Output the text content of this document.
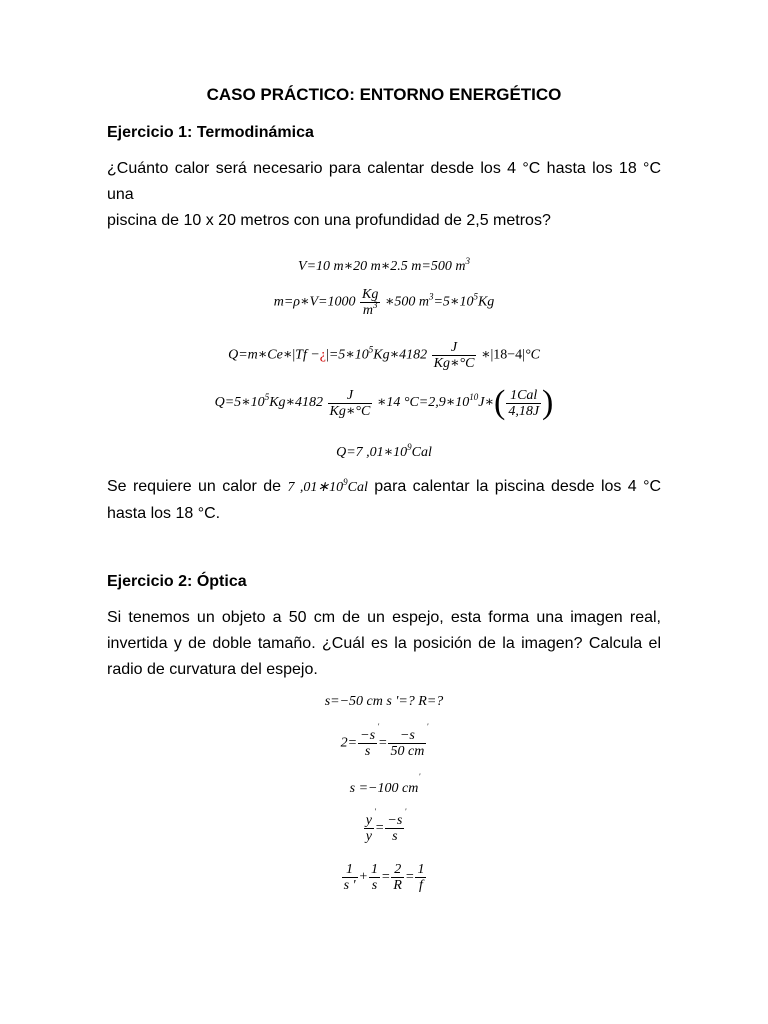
CASO PRÁCTICO: ENTORNO ENERGÉTICO
Ejercicio 1: Termodinámica
¿Cuánto calor será necesario para calentar desde los 4 °C hasta los 18 °C una
piscina de 10 x 20 metros con una profundidad de 2,5 metros?
V=10 m∗20 m∗2.5 m=500 $m^3$
m=ρ∗V=1000 $\frac{Kg}{m^3}$ ∗500 $m^3=5∗10^5Kg$
Q=m∗Ce∗|Tf $-¿|=5∗10^5Kg∗4182 \frac{J}{Kg∗^\circ C}$ ∗|18−4|°C
$Q=5∗10^5Kg∗4182 \frac{J}{Kg∗^\circ C}$ ∗14 $^\circ C=2,9∗10^{10}J∗( \frac{\text{1Cal}}{4,18J}$ )
Q=7 $,01∗10^9Cal$
Se requiere un calor de 7 $,01∗10^9Cal$ para calentar la piscina desde los 4 °C
hasta los 18 °C.
Ejercicio 2: Óptica
Si tenemos un objeto a 50 cm de un espejo, esta forma una imagen real,
invertida y de doble tamaño. ¿Cuál es la posición de la imagen? Calcula el
radio de curvatura del espejo.
s=−50 cm s '=? R=?
$2= \frac{-s '}{s} = \frac{-s '}{50 cm}$
s =−100 cm '
$\frac{y '}{y} = \frac{-s '}{s}$
$\frac{1}{s '} + \frac{1}{s} = \frac{2}{R} = \frac{1}{f}$
